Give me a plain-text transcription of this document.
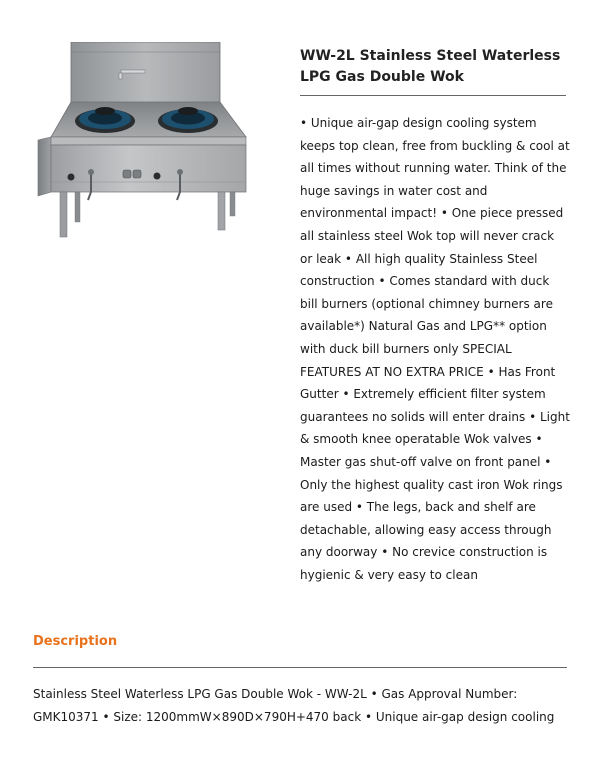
WW-2L Stainless Steel Waterless LPG Gas Double Wok

• Unique air-gap design cooling system keeps top clean, free from buckling & cool at all times without running water. Think of the huge savings in water cost and environmental impact! • One piece pressed all stainless steel Wok top will never crack or leak • All high quality Stainless Steel construction • Comes standard with duck bill burners (optional chimney burners are available*) Natural Gas and LPG** option with duck bill burners only SPECIAL FEATURES AT NO EXTRA PRICE • Has Front Gutter • Extremely efficient filter system guarantees no solids will enter drains • Light & smooth knee operatable Wok valves • Master gas shut-off valve on front panel • Only the highest quality cast iron Wok rings are used • The legs, back and shelf are detachable, allowing easy access through any doorway • No crevice construction is hygienic & very easy to clean

Description

Stainless Steel Waterless LPG Gas Double Wok - WW-2L • Gas Approval Number: GMK10371 • Size: 1200mmW×890D×790H+470 back • Unique air-gap design cooling
